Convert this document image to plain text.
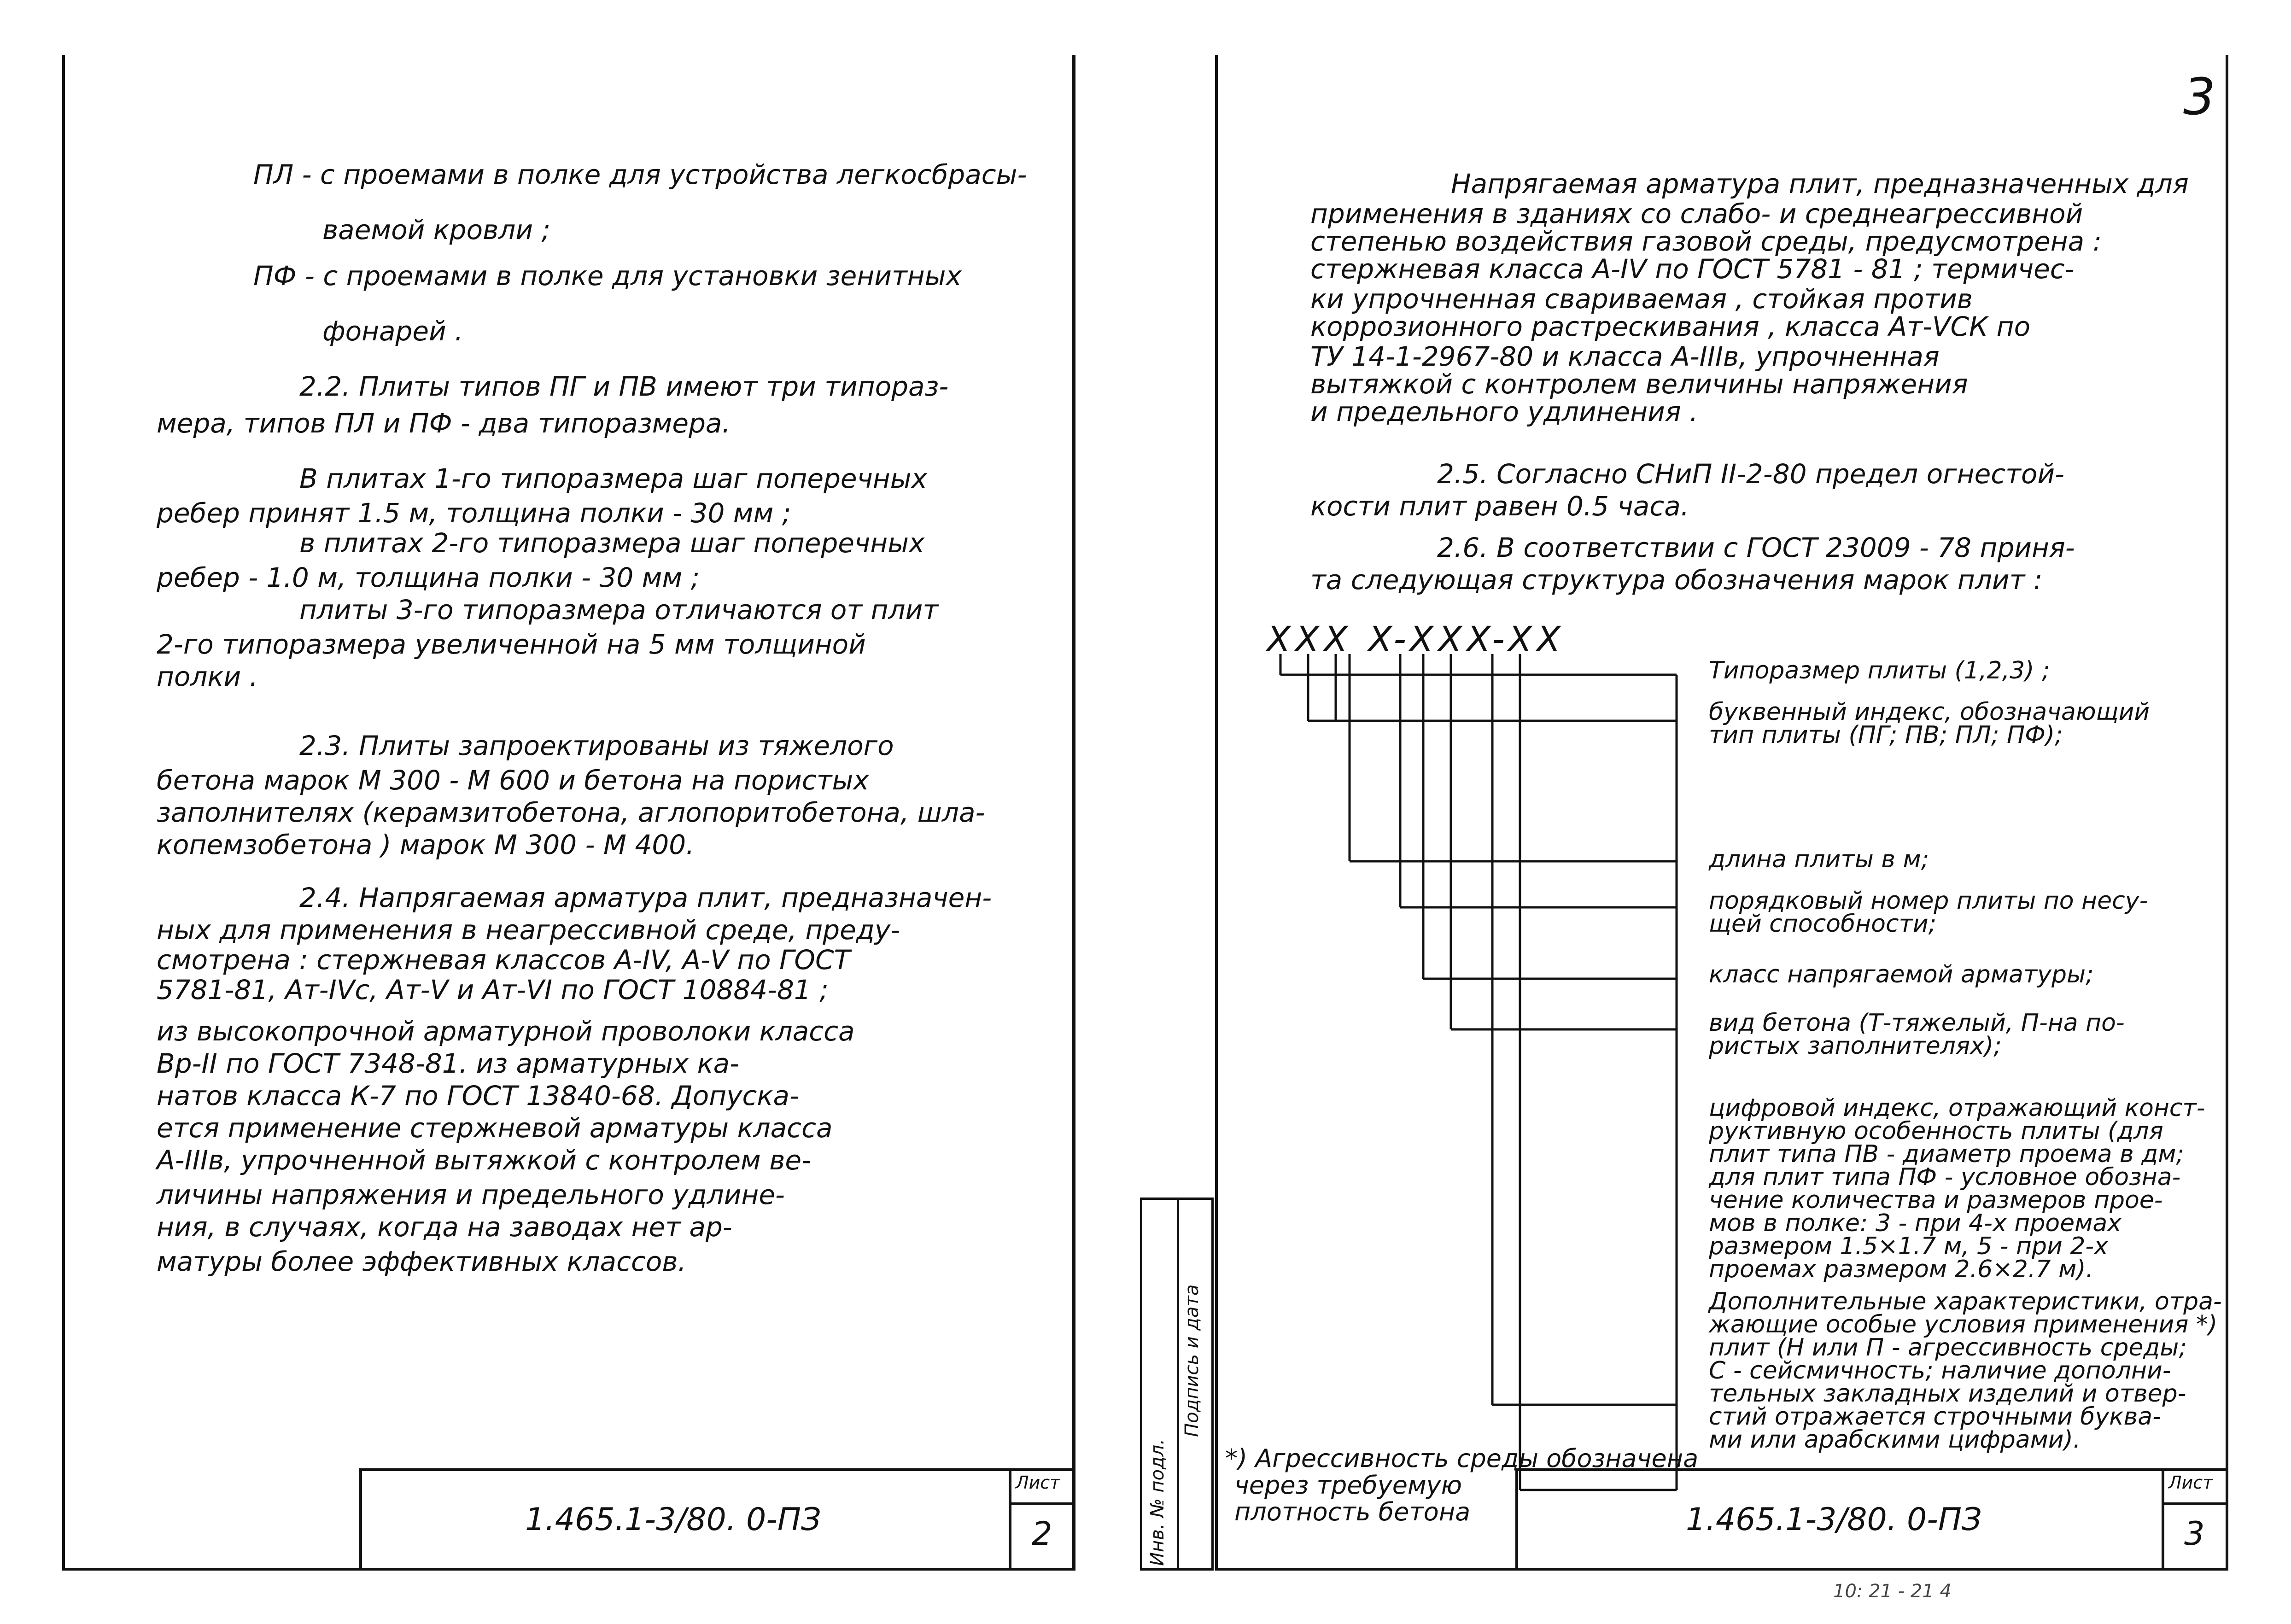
ПЛ - с проемами в полке для устройства легкосбрасы-
ваемой кровли ;
ПФ - с проемами в полке для установки зенитных
фонарей .
2.2. Плиты типов ПГ и ПВ имеют три типораз-
мера, типов ПЛ и ПФ - два типоразмера.
В плитах 1-го типоразмера шаг поперечных
ребер принят 1.5 м, толщина полки - 30 мм ;
в плитах 2-го типоразмера шаг поперечных
ребер - 1.0 м, толщина полки - 30 мм ;
плиты 3-го типоразмера отличаются от плит
2-го типоразмера увеличенной на 5 мм толщиной
полки .
2.3. Плиты запроектированы из тяжелого
бетона марок М 300 - М 600 и бетона на пористых
заполнителях (керамзитобетона, аглопоритобетона, шла-
копемзобетона ) марок М 300 - М 400.
2.4. Напрягаемая арматура плит, предназначен-
ных для применения в неагрессивной среде, преду-
смотрена : стержневая классов А-IV, А-V по ГОСТ
5781-81, Ат-IVс, Ат-V и Ат-VI по ГОСТ 10884-81 ;
из высокопрочной арматурной проволоки класса
Вр-II по ГОСТ 7348-81. из арматурных ка-
натов класса К-7 по ГОСТ 13840-68. Допуска-
ется применение стержневой арматуры класса
А-IIIв, упрочненной вытяжкой с контролем ве-
личины напряжения и предельного удлине-
ния, в случаях, когда на заводах нет ар-
матуры более эффективных классов.
1.465.1-3/80. 0-ПЗ
Лист
2
3
Напрягаемая арматура плит, предназначенных для
применения в зданиях со слабо- и среднеагрессивной
степенью воздействия газовой среды, предусмотрена :
стержневая класса А-IV по ГОСТ 5781 - 81 ; термичес-
ки упрочненная свариваемая , стойкая против
коррозионного растрескивания , класса Ат-VСК по
ТУ 14-1-2967-80 и класса А-IIIв, упрочненная
вытяжкой с контролем величины напряжения
и предельного удлинения .
2.5. Согласно СНиП II-2-80 предел огнестой-
кости плит равен 0.5 часа.
2.6. В соответствии с ГОСТ 23009 - 78 приня-
та следующая структура обозначения марок плит :
XXX X-XXX-XX
Типоразмер плиты (1,2,3) ;
буквенный индекс, обозначающий
тип плиты (ПГ; ПВ; ПЛ; ПФ);
длина плиты в м;
порядковый номер плиты по несу-
щей способности;
класс напрягаемой арматуры;
вид бетона (Т-тяжелый, П-на по-
ристых заполнителях);
цифровой индекс, отражающий конст-
руктивную особенность плиты (для
плит типа ПВ - диаметр проема в дм;
для плит типа ПФ - условное обозна-
чение количества и размеров прое-
мов в полке: 3 - при 4-х проемах
размером 1.5×1.7 м, 5 - при 2-х
проемах размером 2.6×2.7 м).
Дополнительные характеристики, отра-
жающие особые условия применения *)
плит (Н или П - агрессивность среды;
С - сейсмичность; наличие дополни-
тельных закладных изделий и отвер-
стий отражается строчными буква-
ми или арабскими цифрами).
*) Агрессивность среды обозначена
через требуемую
плотность бетона
Инв. № подл.
Подпись и дата
1.465.1-3/80. 0-ПЗ
Лист
3
10: 21 - 21 4
